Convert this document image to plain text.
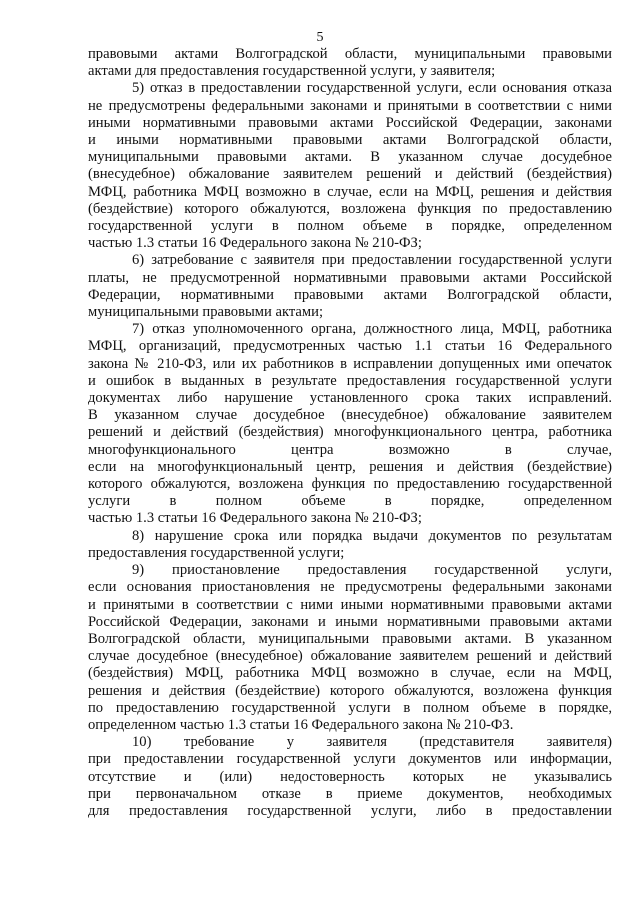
5
правовыми актами Волгоградской области, муниципальными правовыми
актами для предоставления государственной услуги, у заявителя;
5) отказ в предоставлении государственной услуги, если основания отказа
не предусмотрены федеральными законами и принятыми в соответствии с ними
иными нормативными правовыми актами Российской Федерации, законами
и иными нормативными правовыми актами Волгоградской области,
муниципальными правовыми актами. В указанном случае досудебное
(внесудебное) обжалование заявителем решений и действий (бездействия)
МФЦ, работника МФЦ возможно в случае, если на МФЦ, решения и действия
(бездействие) которого обжалуются, возложена функция по предоставлению
государственной услуги в полном объеме в порядке, определенном
частью 1.3 статьи 16 Федерального закона № 210-ФЗ;
6) затребование с заявителя при предоставлении государственной услуги
платы, не предусмотренной нормативными правовыми актами Российской
Федерации, нормативными правовыми актами Волгоградской области,
муниципальными правовыми актами;
7) отказ уполномоченного органа, должностного лица, МФЦ, работника
МФЦ, организаций, предусмотренных частью 1.1 статьи 16 Федерального
закона № 210-ФЗ, или их работников в исправлении допущенных ими опечаток
и ошибок в выданных в результате предоставления государственной услуги
документах либо нарушение установленного срока таких исправлений.
В указанном случае досудебное (внесудебное) обжалование заявителем
решений и действий (бездействия) многофункционального центра, работника
многофункционального центра возможно в случае,
если на многофункциональный центр, решения и действия (бездействие)
которого обжалуются, возложена функция по предоставлению государственной
услуги в полном объеме в порядке, определенном
частью 1.3 статьи 16 Федерального закона № 210-ФЗ;
8) нарушение срока или порядка выдачи документов по результатам
предоставления государственной услуги;
9) приостановление предоставления государственной услуги,
если основания приостановления не предусмотрены федеральными законами
и принятыми в соответствии с ними иными нормативными правовыми актами
Российской Федерации, законами и иными нормативными правовыми актами
Волгоградской области, муниципальными правовыми актами. В указанном
случае досудебное (внесудебное) обжалование заявителем решений и действий
(бездействия) МФЦ, работника МФЦ возможно в случае, если на МФЦ,
решения и действия (бездействие) которого обжалуются, возложена функция
по предоставлению государственной услуги в полном объеме в порядке,
определенном частью 1.3 статьи 16 Федерального закона № 210-ФЗ.
10) требование у заявителя (представителя заявителя)
при предоставлении государственной услуги документов или информации,
отсутствие и (или) недостоверность которых не указывались
при первоначальном отказе в приеме документов, необходимых
для предоставления государственной услуги, либо в предоставлении
